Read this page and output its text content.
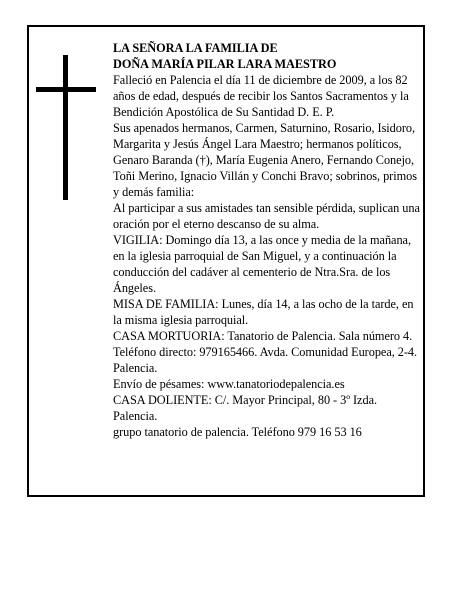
LA SEÑORA LA FAMILIA DE

DOÑA MARÍA PILAR LARA MAESTRO

Falleció en Palencia el día 11 de diciembre de 2009, a los 82 años de edad, después de recibir los Santos Sacramentos y la Bendición Apostólica de Su Santidad D. E. P.

Sus apenados hermanos, Carmen, Saturnino, Rosario, Isidoro, Margarita y Jesús Ángel Lara Maestro; hermanos políticos, Genaro Baranda (†), María Eugenia Anero, Fernando Conejo, Toñi Merino, Ignacio Villán y Conchi Bravo; sobrinos, primos y demás familia:

Al participar a sus amistades tan sensible pérdida, suplican una oración por el eterno descanso de su alma.

VIGILIA: Domingo día 13, a las once y media de la mañana, en la iglesia parroquial de San Miguel, y a continuación la conducción del cadáver al cementerio de Ntra.Sra. de los Ángeles.

MISA DE FAMILIA: Lunes, día 14, a las ocho de la tarde, en la misma iglesia parroquial.

CASA MORTUORIA: Tanatorio de Palencia. Sala número 4. Teléfono directo: 979165466. Avda. Comunidad Europea, 2-4. Palencia.

Envío de pésames: www.tanatoriodepalencia.es

CASA DOLIENTE: C/. Mayor Principal, 80 - 3º Izda. Palencia.

grupo tanatorio de palencia. Teléfono 979 16 53 16
